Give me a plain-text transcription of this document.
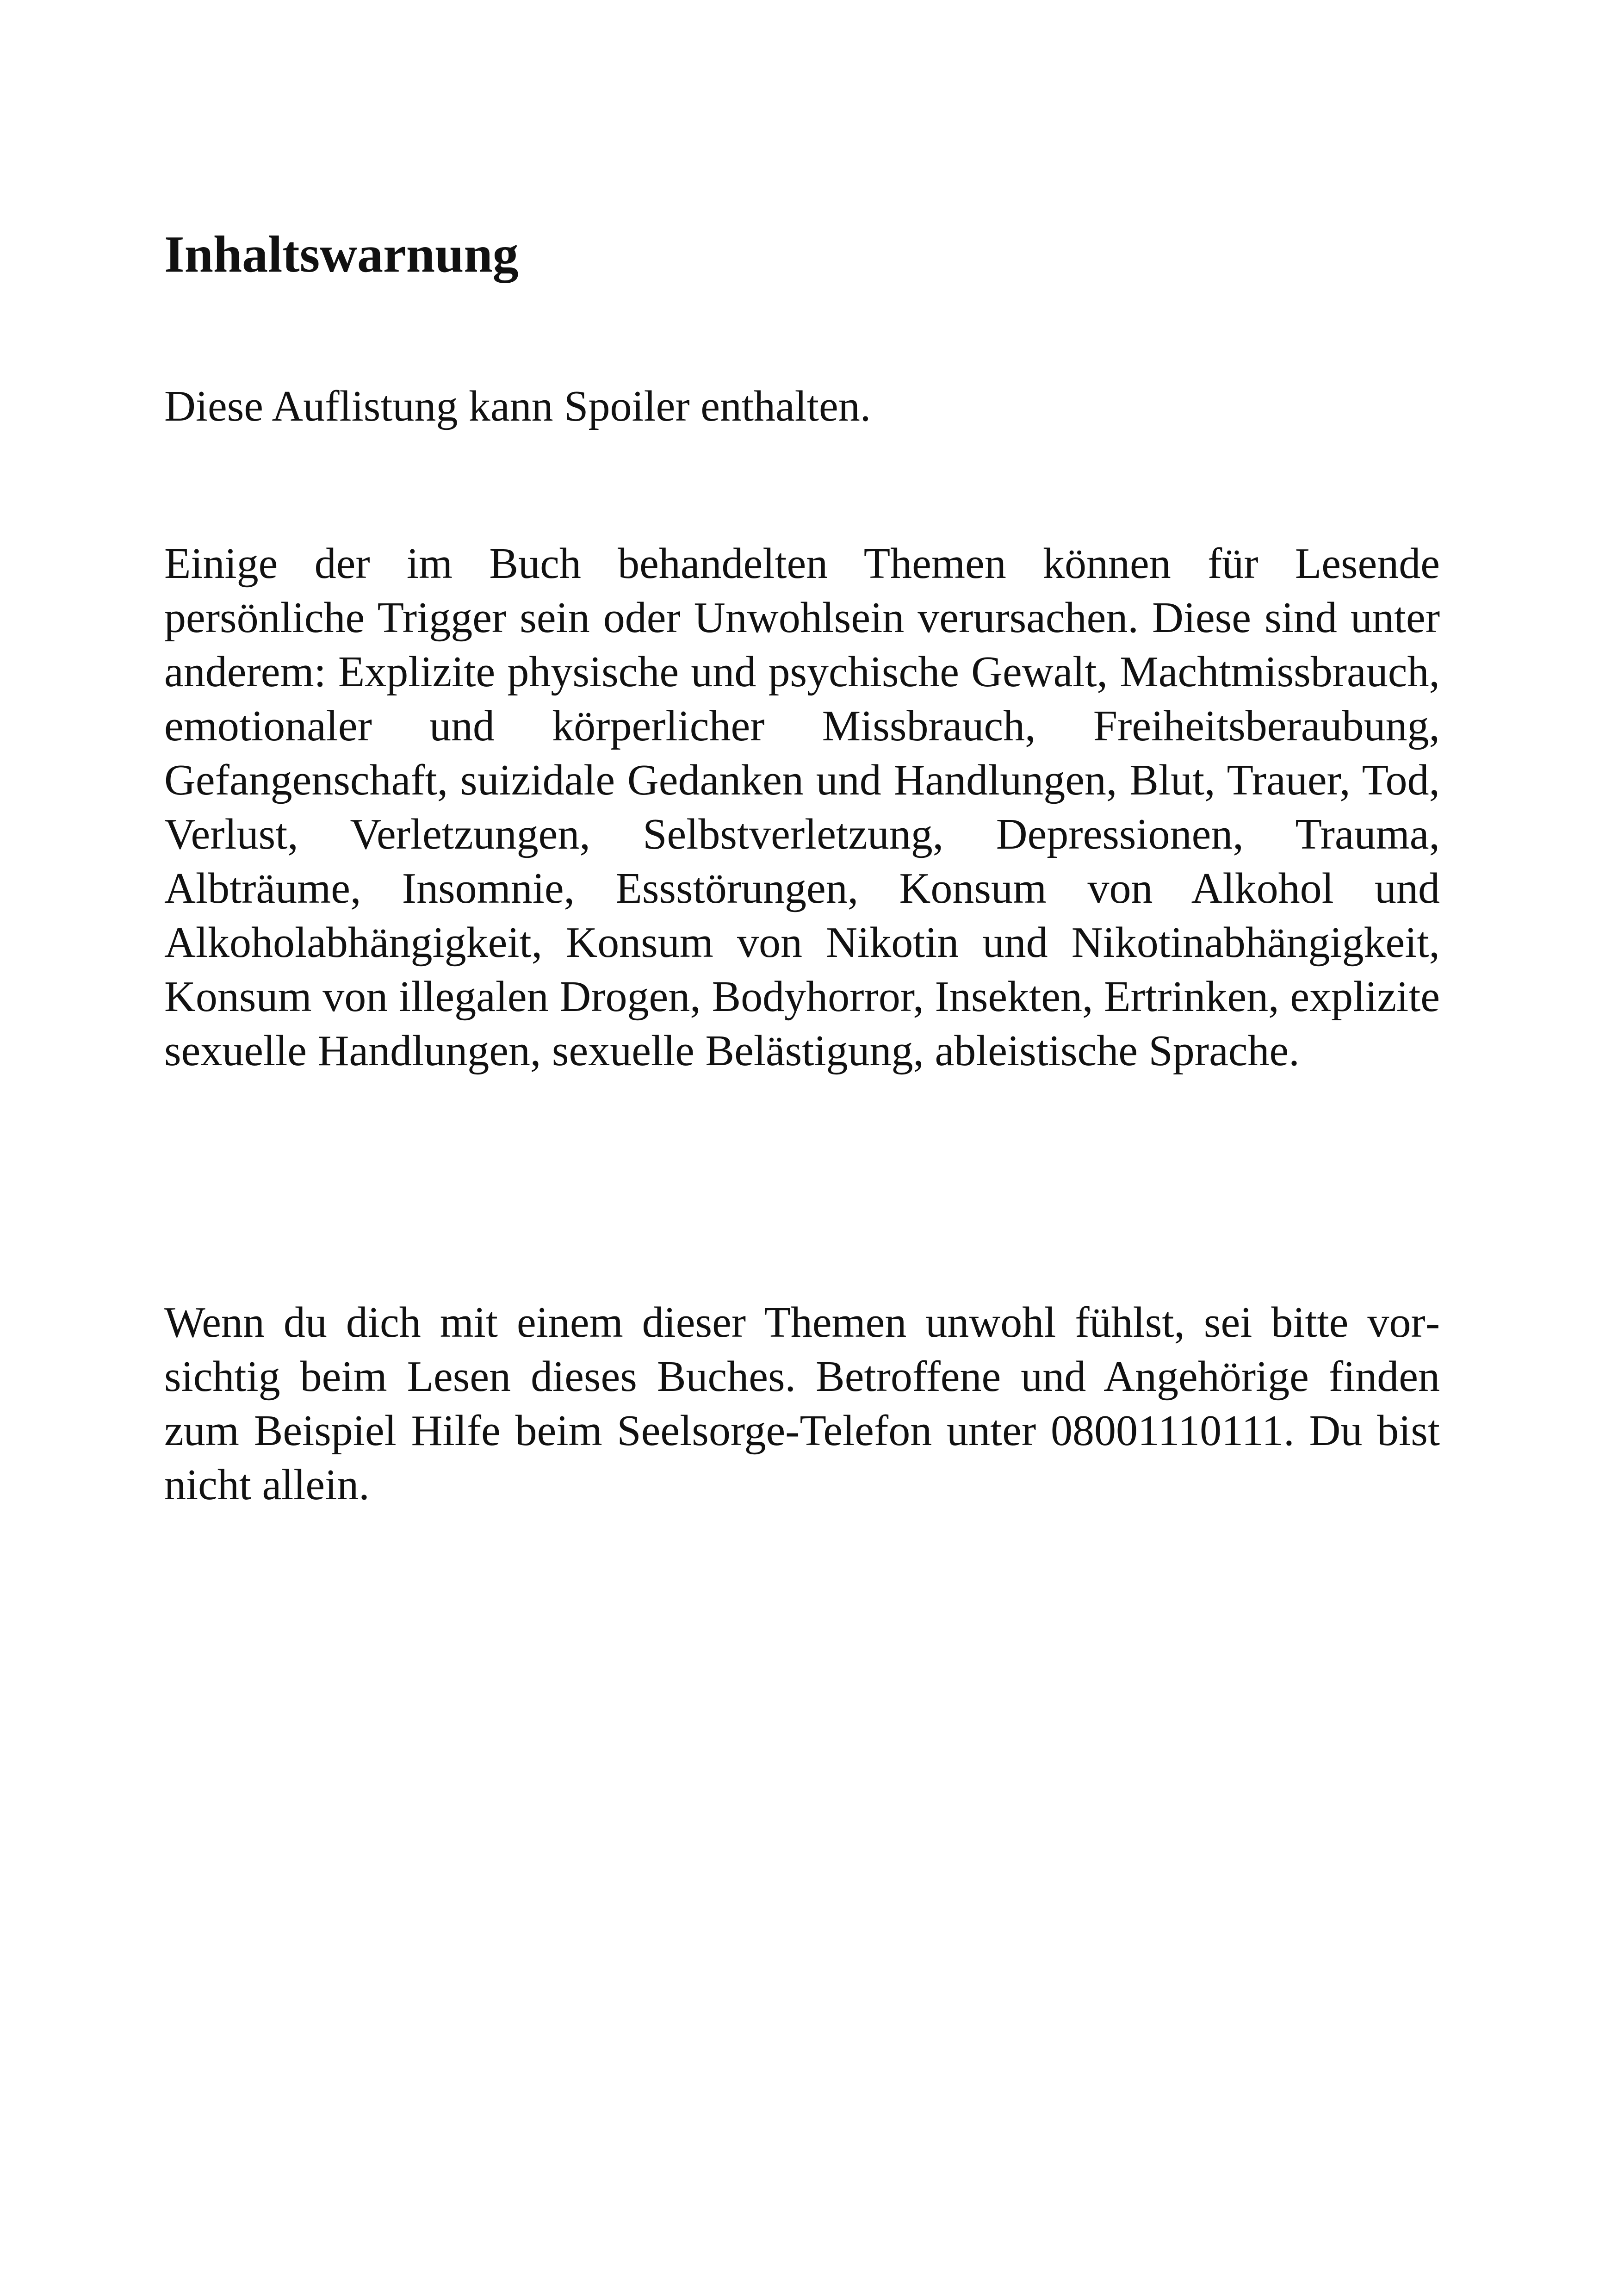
Inhaltswarnung

Diese Auflistung kann Spoiler enthalten.

Einige der im Buch behandelten Themen können für Lesende persönliche Trigger sein oder Unwohlsein verursachen. Diese sind unter anderem: Explizite physische und psychische Gewalt, Machtmissbrauch, emotionaler und körperlicher Missbrauch, Freiheitsberaubung, Gefangenschaft, suizidale Gedanken und Handlungen, Blut, Trauer, Tod, Verlust, Verletzungen, Selbstverletzung, Depressionen, Trauma, Albträume, Insomnie, Essstörungen, Konsum von Alkohol und Alkoholabhängigkeit, Konsum von Nikotin und Nikotinabhängigkeit, Konsum von illegalen Drogen, Bodyhorror, Insekten, Ertrinken, explizite sexuelle Handlungen, sexuelle Belästigung, ableistische Sprache.

Wenn du dich mit einem dieser Themen unwohl fühlst, sei bitte vorsichtig beim Lesen dieses Buches. Betroffene und Angehörige finden zum Beispiel Hilfe beim Seelsorge-Telefon unter 08001110111. Du bist nicht allein.
